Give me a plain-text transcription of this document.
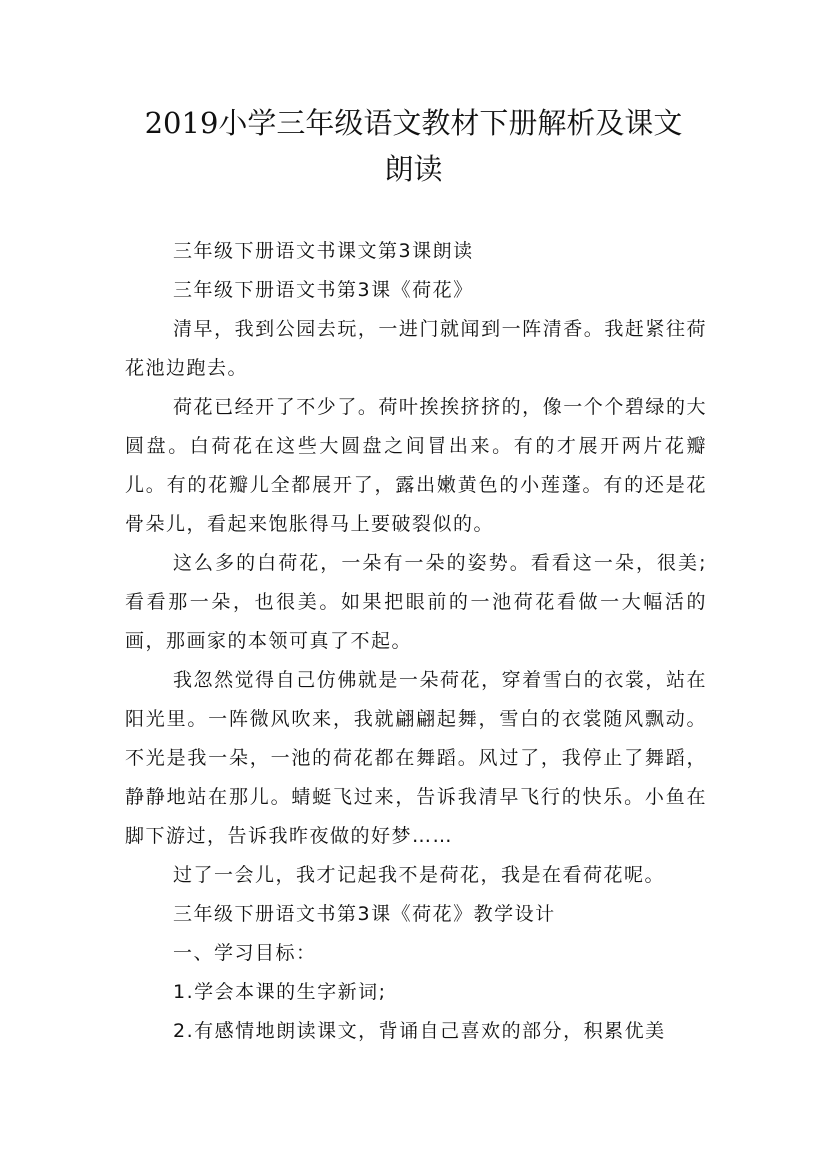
2019小学三年级语文教材下册解析及课文
朗读

三年级下册语文书课文第3课朗读

三年级下册语文书第3课《荷花》

清早，我到公园去玩，一进门就闻到一阵清香。我赶紧往荷花池边跑去。

荷花已经开了不少了。荷叶挨挨挤挤的，像一个个碧绿的大圆盘。白荷花在这些大圆盘之间冒出来。有的才展开两片花瓣儿。有的花瓣儿全都展开了，露出嫩黄色的小莲蓬。有的还是花骨朵儿，看起来饱胀得马上要破裂似的。

这么多的白荷花，一朵有一朵的姿势。看看这一朵，很美;看看那一朵，也很美。如果把眼前的一池荷花看做一大幅活的画，那画家的本领可真了不起。

我忽然觉得自己仿佛就是一朵荷花，穿着雪白的衣裳，站在阳光里。一阵微风吹来，我就翩翩起舞，雪白的衣裳随风飘动。不光是我一朵，一池的荷花都在舞蹈。风过了，我停止了舞蹈，静静地站在那儿。蜻蜓飞过来，告诉我清早飞行的快乐。小鱼在脚下游过，告诉我昨夜做的好梦……

过了一会儿，我才记起我不是荷花，我是在看荷花呢。

三年级下册语文书第3课《荷花》教学设计

一、学习目标：

1.学会本课的生字新词;

2.有感情地朗读课文，背诵自己喜欢的部分，积累优美
